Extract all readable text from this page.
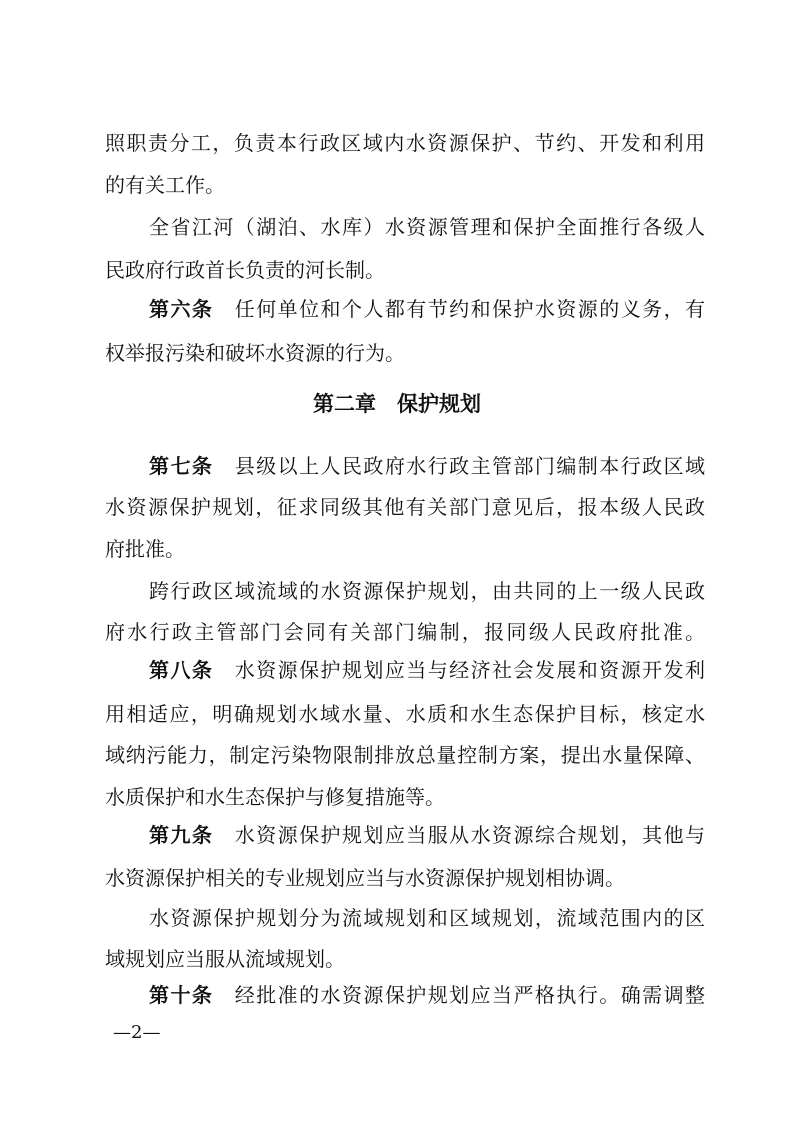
照职责分工，负责本行政区域内水资源保护、节约、开发和利用
的有关工作。
全省江河（湖泊、水库）水资源管理和保护全面推行各级人
民政府行政首长负责的河长制。
第六条 任何单位和个人都有节约和保护水资源的义务，有
权举报污染和破坏水资源的行为。
第二章　保护规划
第七条 县级以上人民政府水行政主管部门编制本行政区域
水资源保护规划，征求同级其他有关部门意见后，报本级人民政
府批准。
跨行政区域流域的水资源保护规划，由共同的上一级人民政
府水行政主管部门会同有关部门编制，报同级人民政府批准。
第八条 水资源保护规划应当与经济社会发展和资源开发利
用相适应，明确规划水域水量、水质和水生态保护目标，核定水
域纳污能力，制定污染物限制排放总量控制方案，提出水量保障、
水质保护和水生态保护与修复措施等。
第九条 水资源保护规划应当服从水资源综合规划，其他与
水资源保护相关的专业规划应当与水资源保护规划相协调。
水资源保护规划分为流域规划和区域规划，流域范围内的区
域规划应当服从流域规划。
第十条 经批准的水资源保护规划应当严格执行。确需调整
—2—
